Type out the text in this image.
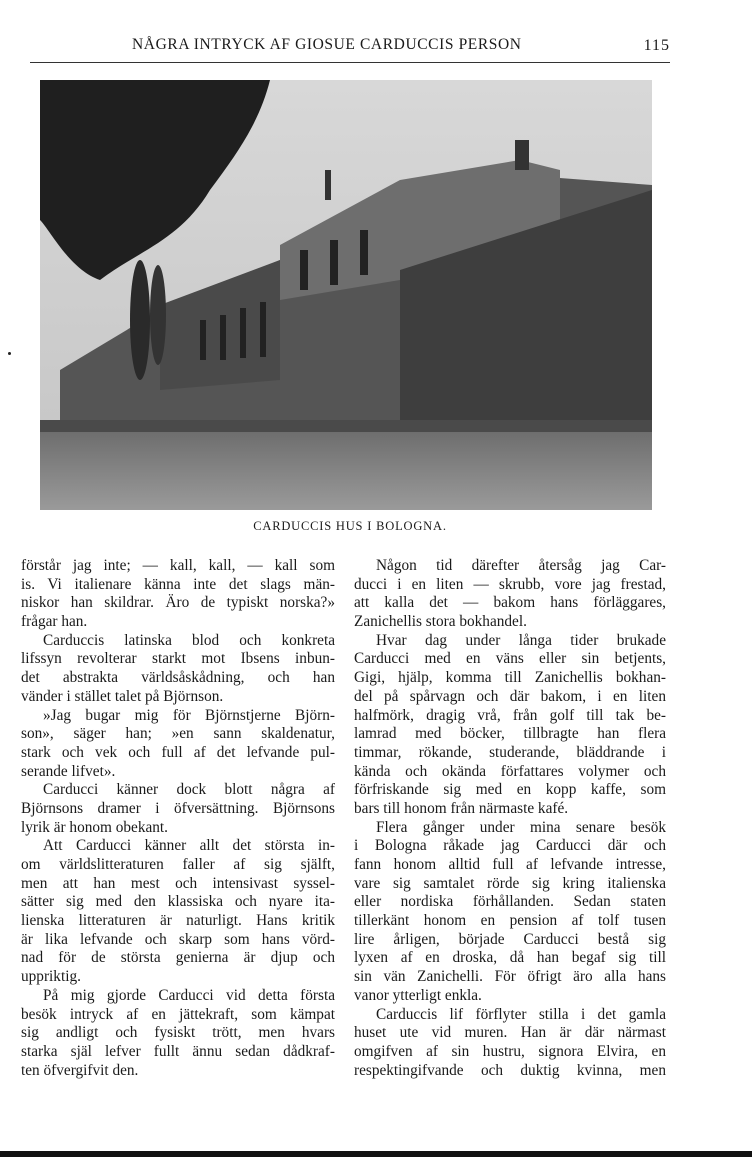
NÅGRA INTRYCK AF GIOSUE CARDUCCIS PERSON	115
CARDUCCIS HUS I BOLOGNA.
förstår jag inte; — kall, kall, — kall som
is. Vi italienare känna inte det slags män-
niskor han skildrar. Äro de typiskt norska?»
frågar han.
Carduccis latinska blod och konkreta
lifssyn revolterar starkt mot Ibsens inbun-
det abstrakta världsåskådning, och han
vänder i stället talet på Björnson.
»Jag bugar mig för Björnstjerne Björn-
son», säger han; »en sann skaldenatur,
stark och vek och full af det lefvande pul-
serande lifvet».
Carducci känner dock blott några af
Björnsons dramer i öfversättning. Björnsons
lyrik är honom obekant.
Att Carducci känner allt det största in-
om världslitteraturen faller af sig själft,
men att han mest och intensivast syssel-
sätter sig med den klassiska och nyare ita-
lienska litteraturen är naturligt. Hans kritik
är lika lefvande och skarp som hans vörd-
nad för de största genierna är djup och
uppriktig.
På mig gjorde Carducci vid detta första
besök intryck af en jättekraft, som kämpat
sig andligt och fysiskt trött, men hvars
starka själ lefver fullt ännu sedan dådkraf-
ten öfvergifvit den.
Någon tid därefter återsåg jag Car-
ducci i en liten — skrubb, vore jag frestad,
att kalla det — bakom hans förläggares,
Zanichellis stora bokhandel.
Hvar dag under långa tider brukade
Carducci med en väns eller sin betjents,
Gigi, hjälp, komma till Zanichellis bokhan-
del på spårvagn och där bakom, i en liten
halfmörk, dragig vrå, från golf till tak be-
lamrad med böcker, tillbragte han flera
timmar, rökande, studerande, bläddrande i
kända och okända författares volymer och
förfriskande sig med en kopp kaffe, som
bars till honom från närmaste kafé.
Flera gånger under mina senare besök
i Bologna råkade jag Carducci där och
fann honom alltid full af lefvande intresse,
vare sig samtalet rörde sig kring italienska
eller nordiska förhållanden. Sedan staten
tillerkänt honom en pension af tolf tusen
lire årligen, började Carducci bestå sig
lyxen af en droska, då han begaf sig till
sin vän Zanichelli. För öfrigt äro alla hans
vanor ytterligt enkla.
Carduccis lif förflyter stilla i det gamla
huset ute vid muren. Han är där närmast
omgifven af sin hustru, signora Elvira, en
respektingifvande och duktig kvinna, men
